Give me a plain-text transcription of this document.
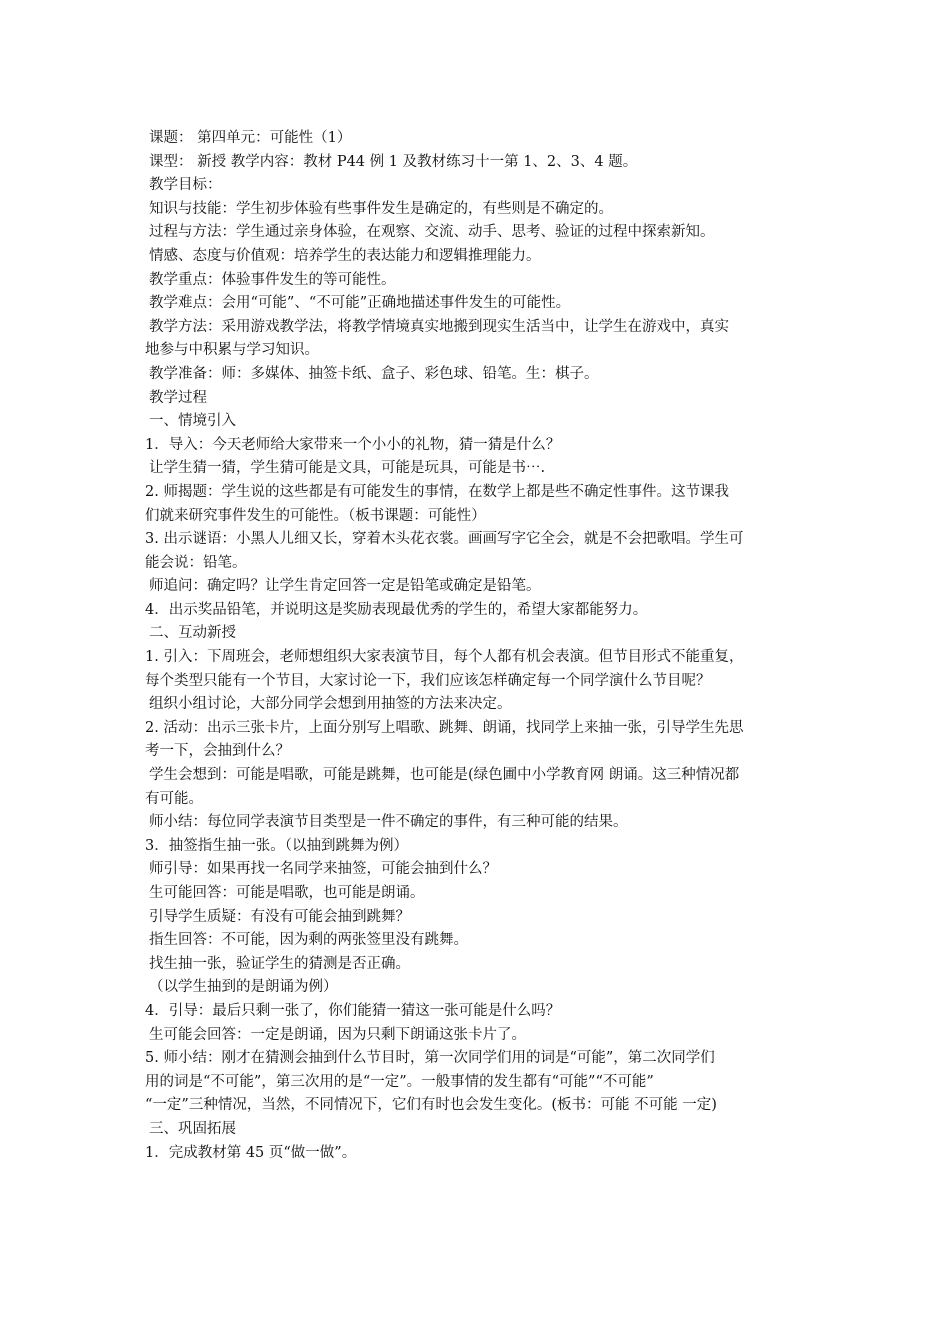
课题： 第四单元：可能性（1）
课型： 新授 教学内容：教材 P44 例 1 及教材练习十一第 1、2、3、4 题。
教学目标：
知识与技能：学生初步体验有些事件发生是确定的，有些则是不确定的。
过程与方法：学生通过亲身体验，在观察、交流、动手、思考、验证的过程中探索新知。
情感、态度与价值观：培养学生的表达能力和逻辑推理能力。
教学重点：体验事件发生的等可能性。
教学难点：会用“可能”、“不可能”正确地描述事件发生的可能性。
教学方法：采用游戏教学法，将教学情境真实地搬到现实生活当中，让学生在游戏中，真实
地参与中积累与学习知识。
教学准备：师：多媒体、抽签卡纸、盒子、彩色球、铅笔。生：棋子。
教学过程
一、情境引入
1．导入：今天老师给大家带来一个小小的礼物，猜一猜是什么？
让学生猜一猜，学生猜可能是文具，可能是玩具，可能是书⋯.
2. 师揭题：学生说的这些都是有可能发生的事情，在数学上都是些不确定性事件。这节课我
们就来研究事件发生的可能性。（板书课题：可能性）
3. 出示谜语：小黑人儿细又长，穿着木头花衣裳。画画写字它全会，就是不会把歌唱。学生可
能会说：铅笔。
师追问：确定吗？让学生肯定回答一定是铅笔或确定是铅笔。
4．出示奖品铅笔，并说明这是奖励表现最优秀的学生的，希望大家都能努力。
二、互动新授
1. 引入：下周班会，老师想组织大家表演节目，每个人都有机会表演。但节目形式不能重复，
每个类型只能有一个节目，大家讨论一下，我们应该怎样确定每一个同学演什么节目呢？
组织小组讨论，大部分同学会想到用抽签的方法来决定。
2. 活动：出示三张卡片，上面分别写上唱歌、跳舞、朗诵，找同学上来抽一张，引导学生先思
考一下，会抽到什么？
学生会想到：可能是唱歌，可能是跳舞，也可能是(绿色圃中小学教育网 朗诵。这三种情况都
有可能。
师小结：每位同学表演节目类型是一件不确定的事件，有三种可能的结果。
3．抽签指生抽一张。（以抽到跳舞为例）
师引导：如果再找一名同学来抽签，可能会抽到什么？
生可能回答：可能是唱歌，也可能是朗诵。
引导学生质疑：有没有可能会抽到跳舞？
指生回答：不可能，因为剩的两张签里没有跳舞。
找生抽一张，验证学生的猜测是否正确。
（以学生抽到的是朗诵为例）
4．引导：最后只剩一张了，你们能猜一猜这一张可能是什么吗？
生可能会回答：一定是朗诵，因为只剩下朗诵这张卡片了。
5. 师小结：刚才在猜测会抽到什么节目时，第一次同学们用的词是“可能”，第二次同学们
用的词是“不可能”，第三次用的是“一定”。一般事情的发生都有“可能”“不可能”
“一定”三种情况，当然，不同情况下，它们有时也会发生变化。(板书：可能 不可能 一定)
三、巩固拓展
1．完成教材第 45 页“做一做”。
